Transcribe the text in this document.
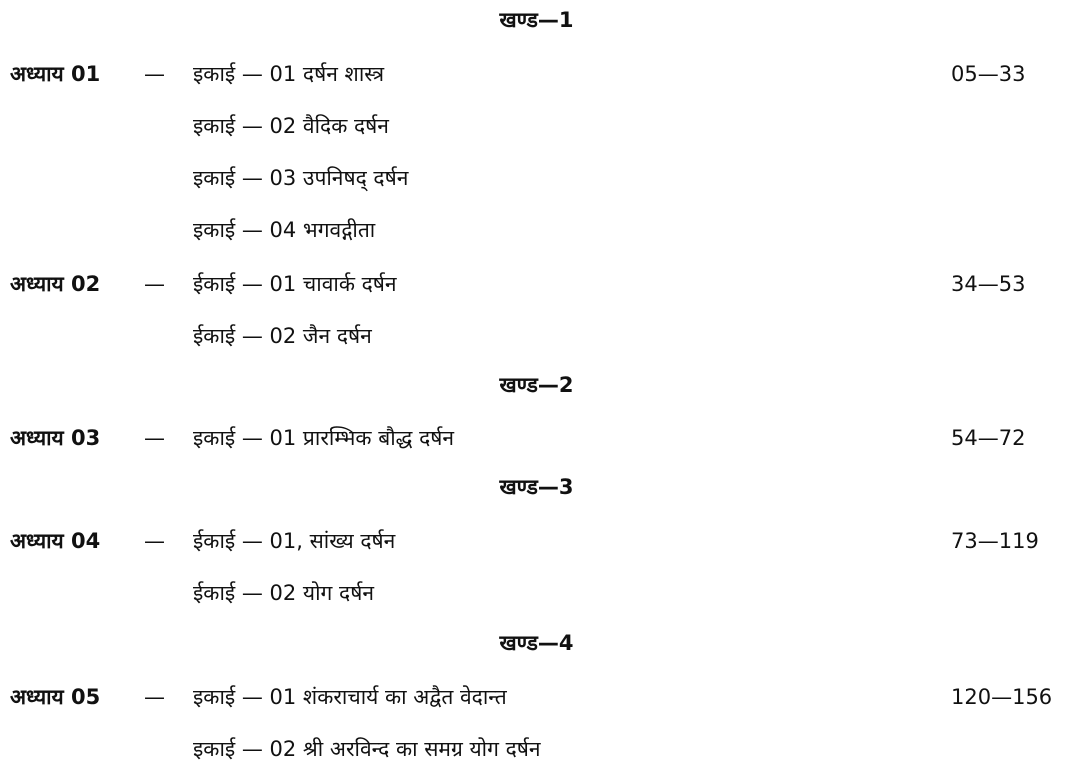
खण्ड—1
अध्याय 01 — इकाई — 01 दर्षन शास्त्र	05—33
इकाई — 02 वैदिक दर्षन
इकाई — 03 उपनिषद् दर्षन
इकाई — 04 भगवद्गीता
अध्याय 02 — ईकाई — 01 चावार्क दर्षन	34—53
ईकाई — 02 जैन दर्षन
खण्ड—2
अध्याय 03 — इकाई — 01 प्रारम्भिक बौद्ध दर्षन	54—72
खण्ड—3
अध्याय 04 — ईकाई — 01, सांख्य दर्षन	73—119
ईकाई — 02 योग दर्षन
खण्ड—4
अध्याय 05 — इकाई — 01 शंकराचार्य का अद्वैत वेदान्त	120—156
इकाई — 02 श्री अरविन्द का समग्र योग दर्षन
